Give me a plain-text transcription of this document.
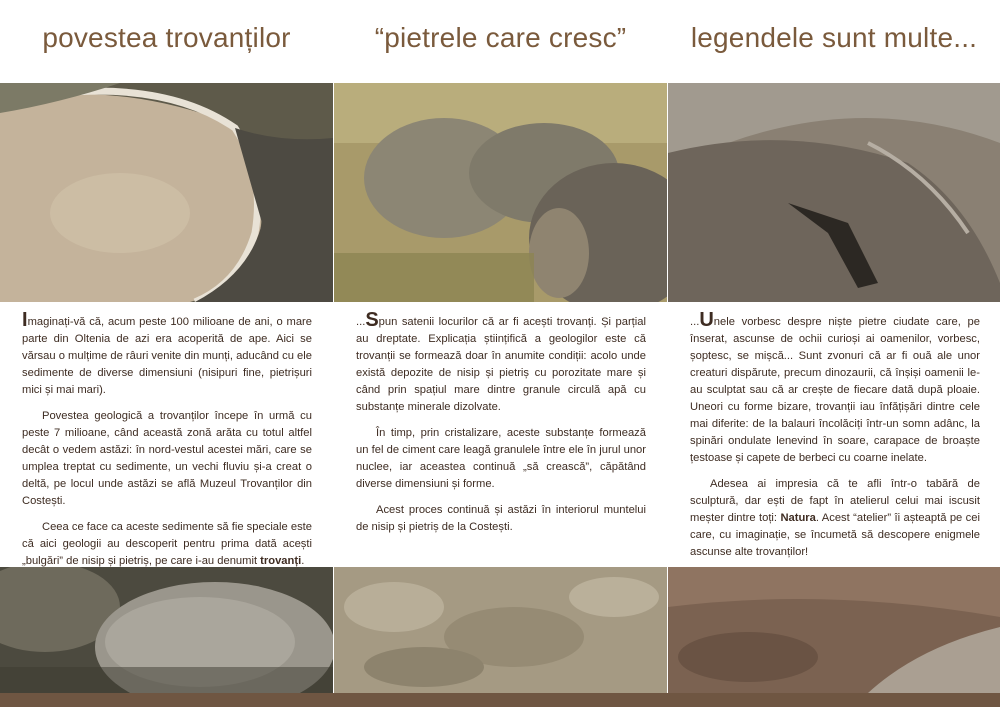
povestea trovanților

Imaginați-vă că, acum peste 100 milioane de ani, o mare parte din Oltenia de azi era acoperită de ape. Aici se vărsau o mulțime de râuri venite din munți, aducând cu ele sedimente de diverse dimensiuni (nisipuri fine, pietrișuri mici și mai mari).

Povestea geologică a trovanților începe în urmă cu peste 7 milioane, când această zonă arăta cu totul altfel decât o vedem astăzi: în nord-vestul acestei mări, care se umplea treptat cu sedimente, un vechi fluviu și-a creat o deltă, pe locul unde astăzi se află Muzeul Trovanților din Costești.

Ceea ce face ca aceste sedimente să fie speciale este că aici geologii au descoperit pentru prima dată acești „bulgări” de nisip și pietriș, pe care i-au denumit trovanți.

“pietrele care cresc”

...Spun satenii locurilor că ar fi acești trovanți. Și parțial au dreptate. Explicația științifică a geologilor este că trovanții se formează doar în anumite condiții: acolo unde există depozite de nisip și pietriș cu porozitate mare și când prin spațiul mare dintre granule circulă apă cu substanțe minerale dizolvate.

În timp, prin cristalizare, aceste substanțe formează un fel de ciment care leagă granulele între ele în jurul unor nuclee, iar aceastea continuă „să crească”, căpătând diverse dimensiuni și forme.

Acest proces continuă și astăzi în interiorul muntelui de nisip și pietriș de la Costești.

legendele sunt multe...

...Unele vorbesc despre niște pietre ciudate care, pe înserat, ascunse de ochii curioși ai oamenilor, vorbesc, șoptesc, se mișcă... Sunt zvonuri că ar fi ouă ale unor creaturi dispărute, precum dinozaurii, că înșiși oamenii le-au sculptat sau că ar crește de fiecare dată după ploaie. Uneori cu forme bizare, trovanții iau înfățișări dintre cele mai diferite: de la balauri încolăciți într-un somn adânc, la spinări ondulate lenevind în soare, carapace de broaște țestoase și capete de berbeci cu coarne inelate.

Adesea ai impresia că te afli într-o tabără de sculptură, dar ești de fapt în atelierul celui mai iscusit meșter dintre toți: Natura. Acest “atelier” îi așteaptă pe cei care, cu imaginație, se încumetă să descopere enigmele ascunse alte trovanților!
